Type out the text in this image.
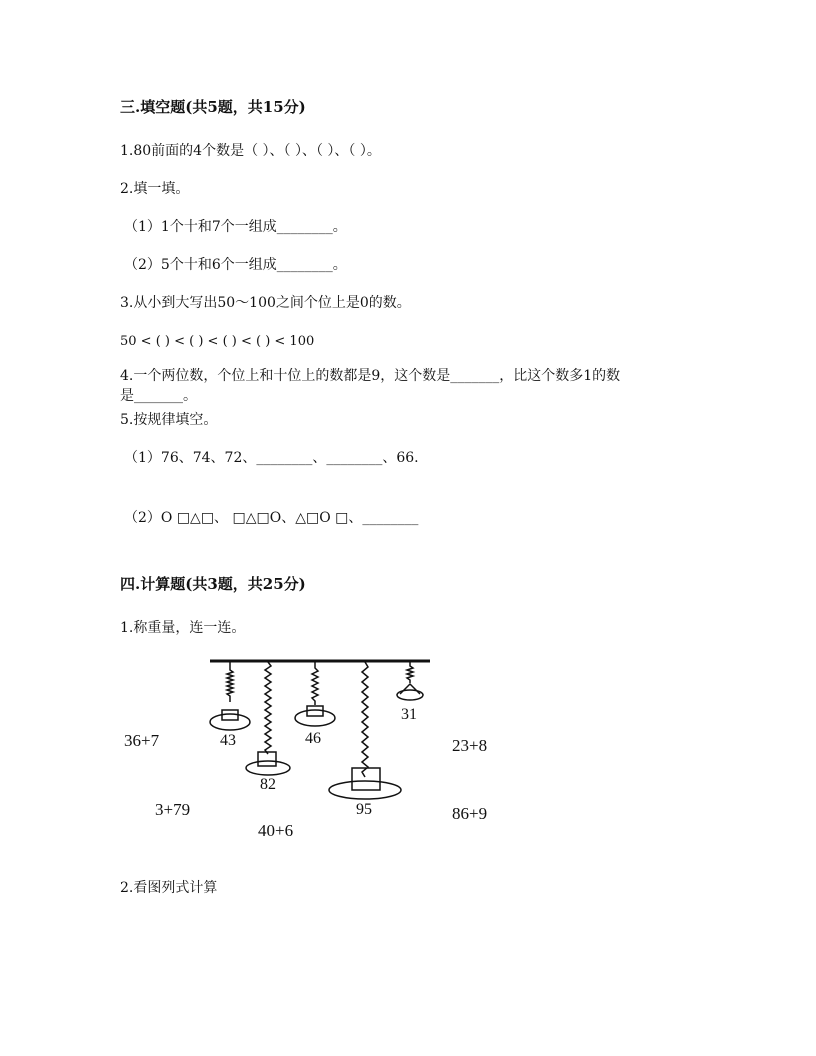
三.填空题(共5题，共15分)
1.80前面的4个数是（ ）、（ ）、（ ）、（ ）。
2.填一填。
（1）1个十和7个一组成________。
（2）5个十和6个一组成________。
3.从小到大写出50～100之间个位上是0的数。
50 < ( ) < ( ) < ( ) < ( ) < 100
4.一个两位数，个位上和十位上的数都是9，这个数是_______，比这个数多1的数
是_______。
5.按规律填空。
（1）76、74、72、________、________、66.
（2）O □△□、 □△□O、△□O □、________
四.计算题(共3题，共25分)
1.称重量，连一连。
31
43	46
82
95
36+7	23+8
3+79	86+9
40+6
2.看图列式计算
